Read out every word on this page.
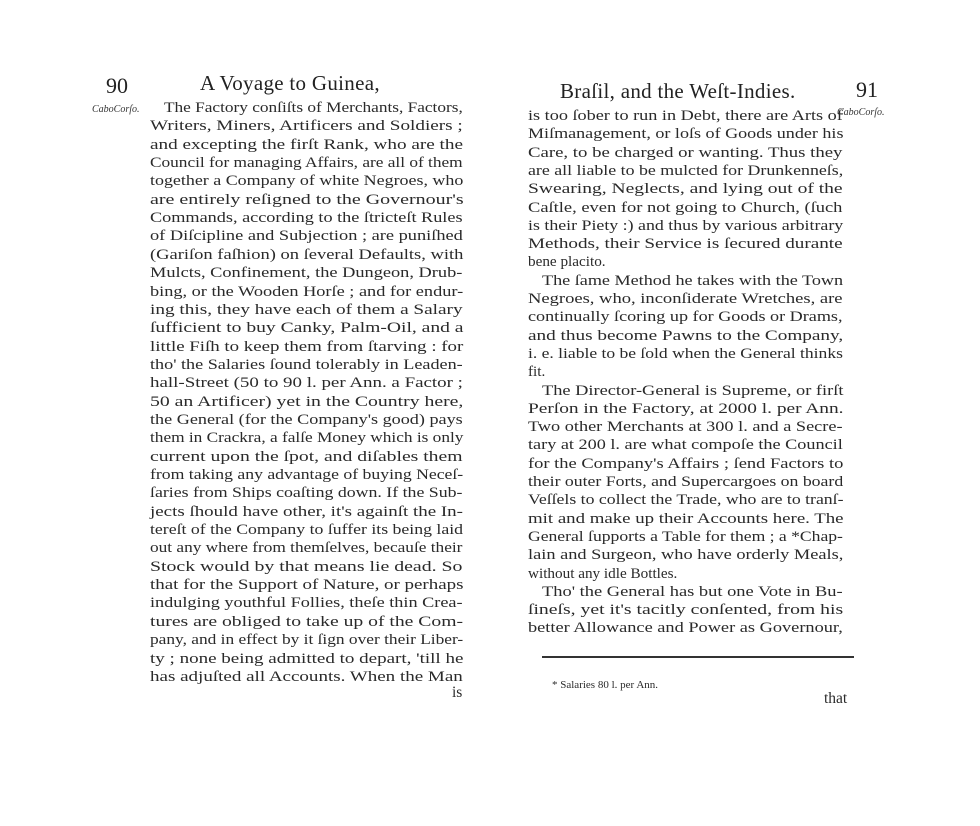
90	A Voyage to Guinea,
CaboCorſo. The Factory conſiſts of Merchants, Factors,
Writers, Miners, Artificers and Soldiers ;
and excepting the firſt Rank, who are the
Council for managing Affairs, are all of them
together a Company of white Negroes, who
are entirely reſigned to the Governour's
Commands, according to the ſtricteſt Rules
of Diſcipline and Subjection ; are puniſhed
(Gariſon faſhion) on ſeveral Defaults, with
Mulcts, Confinement, the Dungeon, Drub-
bing, or the Wooden Horſe ; and for endur-
ing this, they have each of them a Salary
ſufficient to buy Canky, Palm-Oil, and a
little Fiſh to keep them from ſtarving : for
tho' the Salaries ſound tolerably in Leaden-
hall-Street (50 to 90 l. per Ann. a Factor ;
50 an Artificer) yet in the Country here,
the General (for the Company's good) pays
them in Crackra, a falſe Money which is only
current upon the ſpot, and diſables them
from taking any advantage of buying Neceſ-
ſaries from Ships coaſting down. If the Sub-
jects ſhould have other, it's againſt the In-
tereſt of the Company to ſuffer its being laid
out any where from themſelves, becauſe their
Stock would by that means lie dead. So
that for the Support of Nature, or perhaps
indulging youthful Follies, theſe thin Crea-
tures are obliged to take up of the Com-
pany, and in effect by it ſign over their Liber-
ty ; none being admitted to depart, 'till he
has adjuſted all Accounts. When the Man
is
Braſil, and the Weſt-Indies.	91
CaboCorſo.
is too ſober to run in Debt, there are Arts of
Miſmanagement, or loſs of Goods under his
Care, to be charged or wanting. Thus they
are all liable to be mulcted for Drunkenneſs,
Swearing, Neglects, and lying out of the
Caſtle, even for not going to Church, (ſuch
is their Piety :) and thus by various arbitrary
Methods, their Service is ſecured durante
bene placito.
The ſame Method he takes with the Town
Negroes, who, inconſiderate Wretches, are
continually ſcoring up for Goods or Drams,
and thus become Pawns to the Company,
i. e. liable to be ſold when the General thinks
fit.
The Director-General is Supreme, or firſt
Perſon in the Factory, at 2000 l. per Ann.
Two other Merchants at 300 l. and a Secre-
tary at 200 l. are what compoſe the Council
for the Company's Affairs ; ſend Factors to
their outer Forts, and Supercargoes on board
Veſſels to collect the Trade, who are to tranſ-
mit and make up their Accounts here. The
General ſupports a Table for them ; a *Chap-
lain and Surgeon, who have orderly Meals,
without any idle Bottles.
Tho' the General has but one Vote in Bu-
ſineſs, yet it's tacitly conſented, from his
better Allowance and Power as Governour,
* Salaries 80 l. per Ann.
that
